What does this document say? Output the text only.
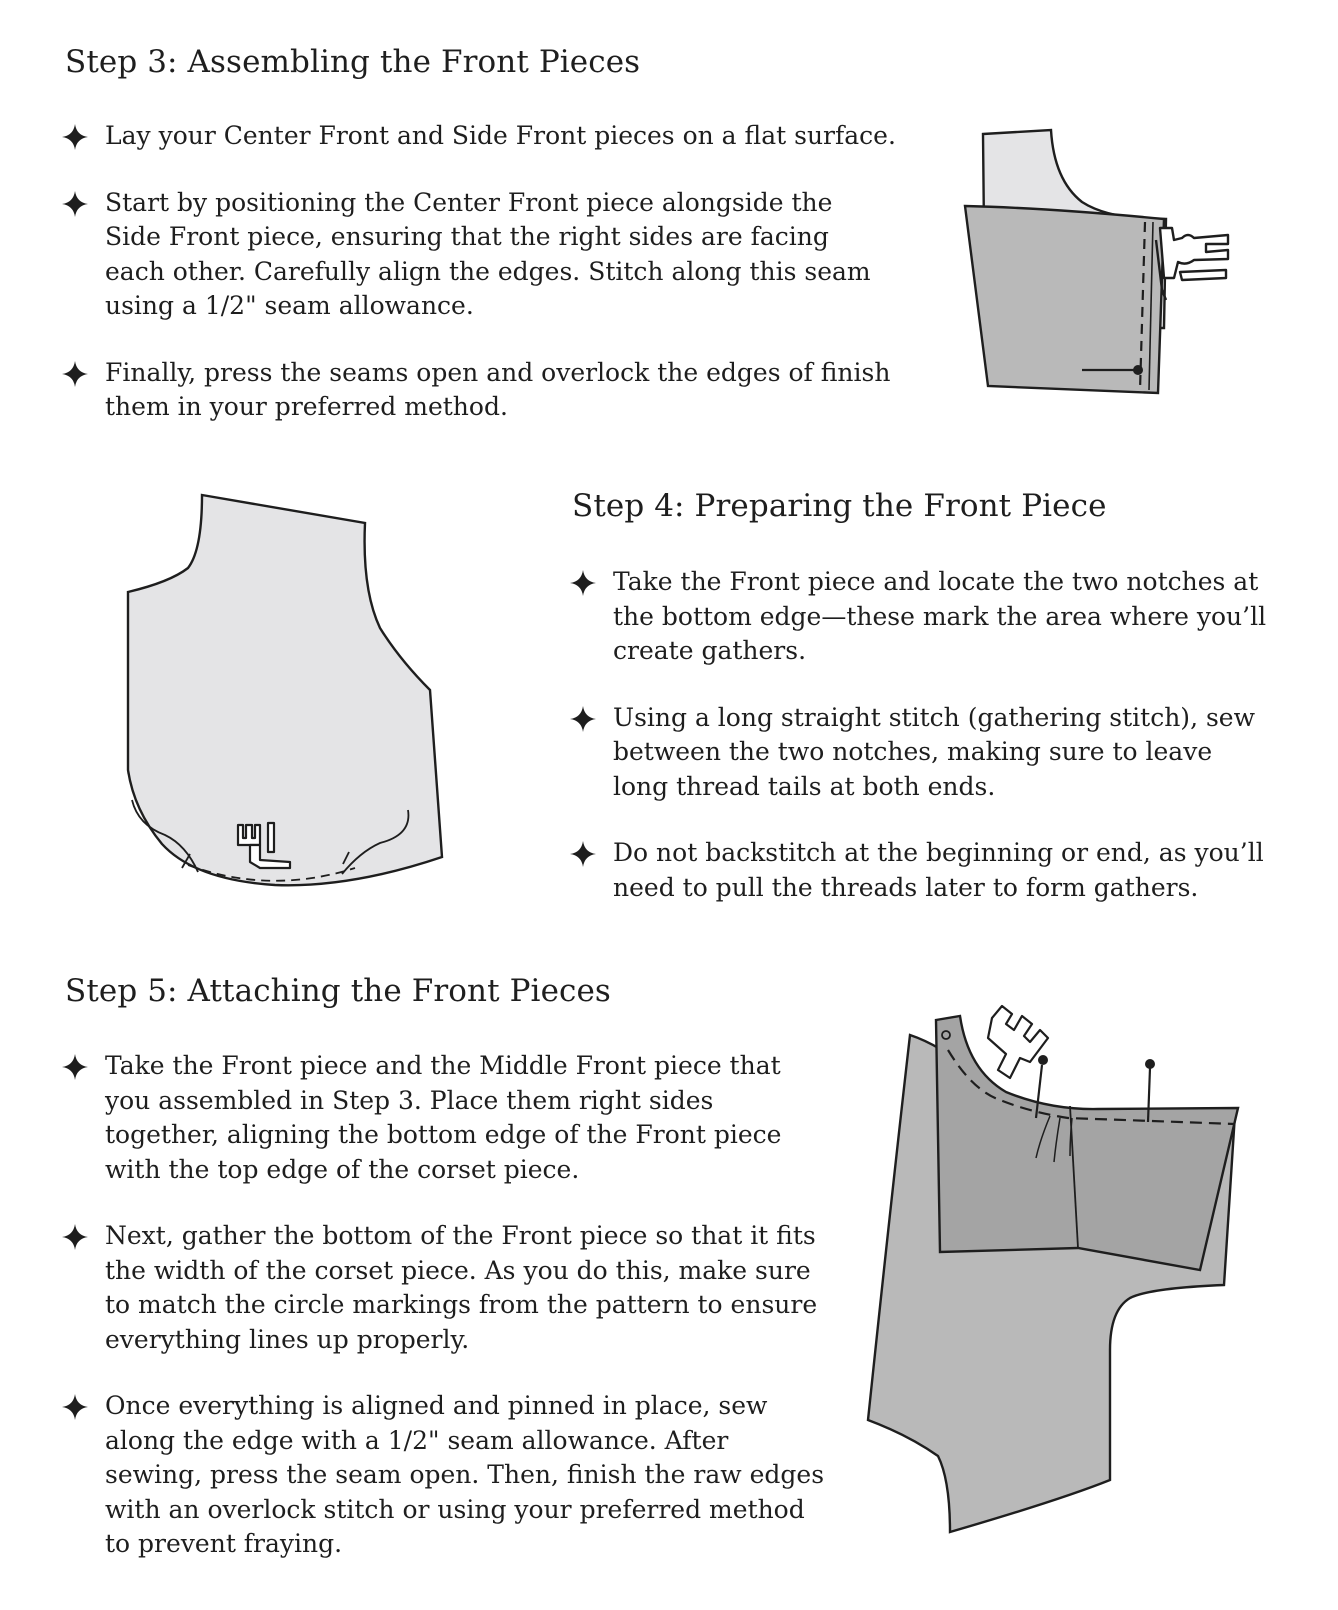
Step 3: Assembling the Front Pieces
Lay your Center Front and Side Front pieces on a flat surface.
Start by positioning the Center Front piece alongside the Side Front piece, ensuring that the right sides are facing each other. Carefully align the edges. Stitch along this seam using a 1/2" seam allowance.
Finally, press the seams open and overlock the edges of finish them in your preferred method.
Step 4: Preparing the Front Piece
Take the Front piece and locate the two notches at the bottom edge—these mark the area where you’ll create gathers.
Using a long straight stitch (gathering stitch), sew between the two notches, making sure to leave long thread tails at both ends.
Do not backstitch at the beginning or end, as you’ll need to pull the threads later to form gathers.
Step 5: Attaching the Front Pieces
Take the Front piece and the Middle Front piece that you assembled in Step 3. Place them right sides together, aligning the bottom edge of the Front piece with the top edge of the corset piece.
Next, gather the bottom of the Front piece so that it fits the width of the corset piece. As you do this, make sure to match the circle markings from the pattern to ensure everything lines up properly.
Once everything is aligned and pinned in place, sew along the edge with a 1/2" seam allowance. After sewing, press the seam open. Then, finish the raw edges with an overlock stitch or using your preferred method to prevent fraying.
